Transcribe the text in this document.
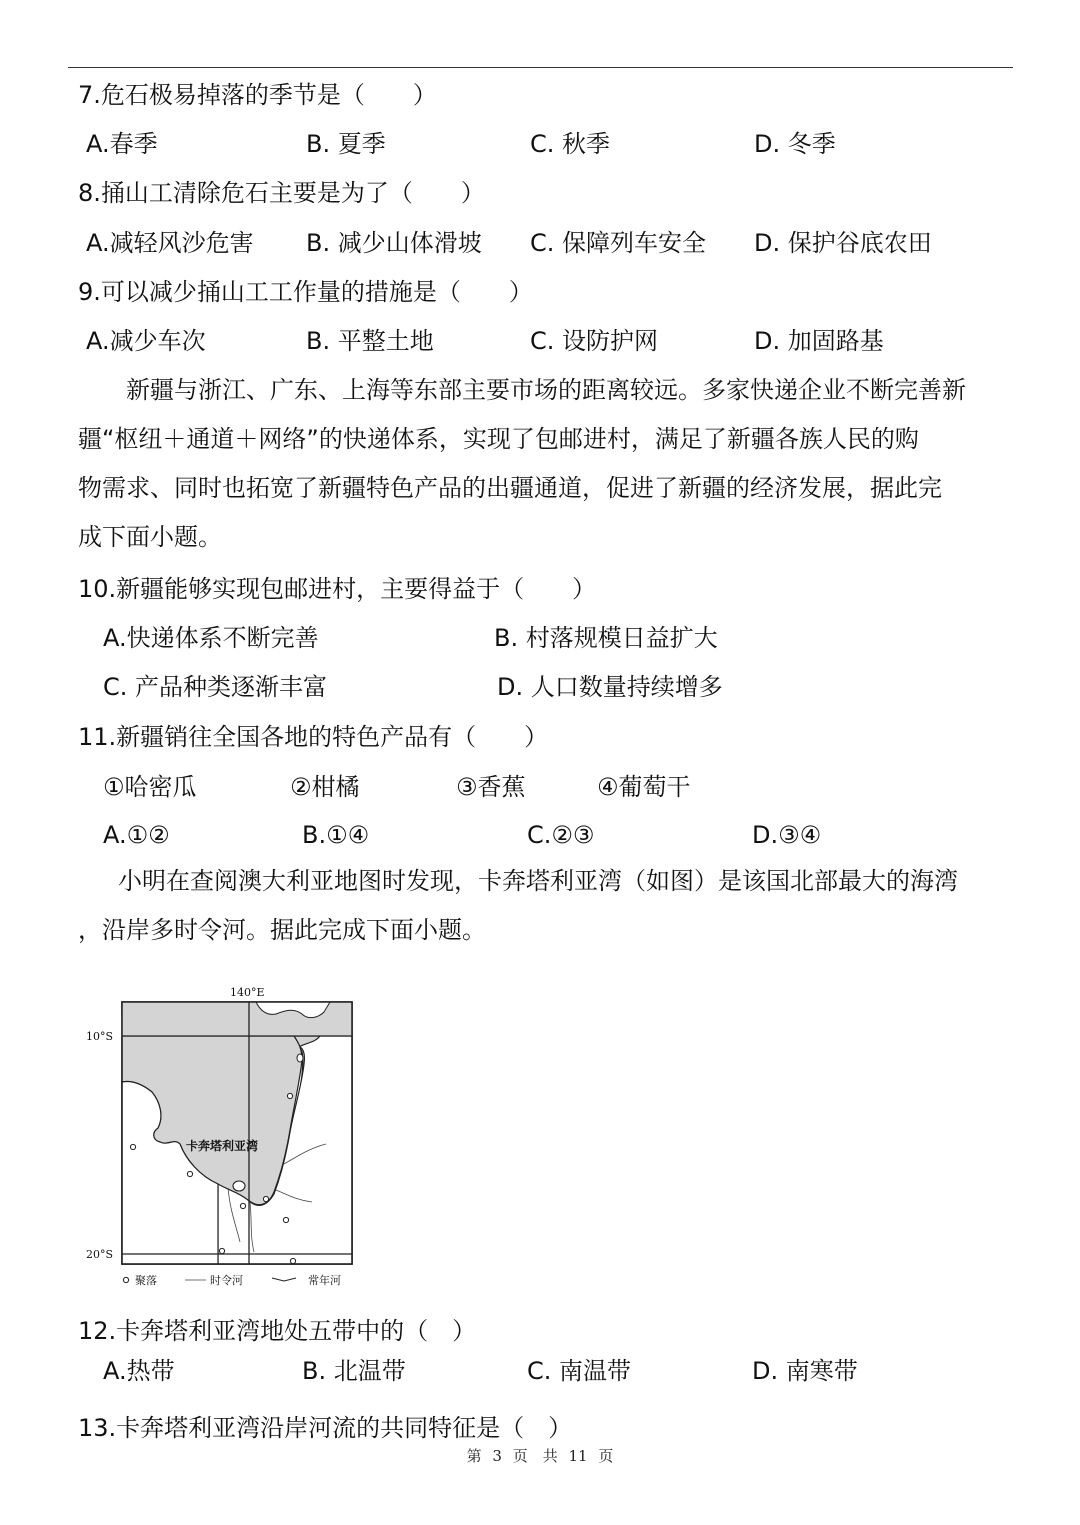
7.危石极易掉落的季节是（　　）
A.春季	B. 夏季	C. 秋季	D. 冬季
8.捅山工清除危石主要是为了（　　）
A.减轻风沙危害 B. 减少山体滑坡 C. 保障列车安全 D. 保护谷底农田
9.可以减少捅山工工作量的措施是（　　）
A.减少车次	B. 平整土地	C. 设防护网	D. 加固路基
新疆与浙江、广东、上海等东部主要市场的距离较远。多家快递企业不断完善新
疆“枢纽＋通道＋网络”的快递体系，实现了包邮进村，满足了新疆各族人民的购
物需求、同时也拓宽了新疆特色产品的出疆通道，促进了新疆的经济发展，据此完
成下面小题。
10.新疆能够实现包邮进村，主要得益于（　　）
A.快递体系不断完善	B. 村落规模日益扩大
C. 产品种类逐渐丰富	D. 人口数量持续增多
11.新疆销往全国各地的特色产品有（　　）
①哈密瓜	②柑橘	③香蕉	④葡萄干
A.①②	B.①④	C.②③	D.③④
小明在查阅澳大利亚地图时发现，卡奔塔利亚湾（如图）是该国北部最大的海湾
，沿岸多时令河。据此完成下面小题。
140°E
10°S
20°S
卡奔塔利亚湾
聚落	时令河	常年河
12.卡奔塔利亚湾地处五带中的（　）
A.热带	B. 北温带	C. 南温带	D. 南寒带
13.卡奔塔利亚湾沿岸河流的共同特征是（　）
第 3 页　共 11 页
